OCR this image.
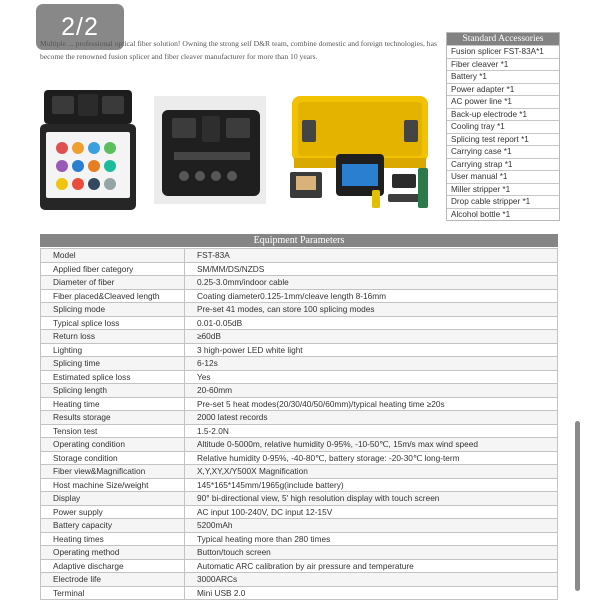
2/2
Multiple ... professional optical fiber solution! Owning the strong self D&R team, combine domestic and foreign technologies, has become the renowned fusion splicer and fiber cleaver manufacturer for more than 10 years.
Standard Accessories
Fusion splicer FST-83A*1
Fiber cleaver *1
Battery *1
Power adapter *1
AC power line *1
Back-up electrode *1
Cooling tray *1
Splicing test report *1
Carrying case *1
Carrying strap *1
User manual *1
Miller stripper *1
Drop cable stripper *1
Alcohol bottle *1
Equipment Parameters
Model	FST-83A
Applied fiber category	SM/MM/DS/NZDS
Diameter of fiber	0.25-3.0mm/indoor cable
Fiber placed&Cleaved length	Coating diameter0.125-1mm/cleave length 8-16mm
Splicing mode	Pre-set 41 modes, can store 100 splicing modes
Typical splice loss	0.01-0.05dB
Return loss	≥60dB
Lighting	3 high-power LED white light
Splicing time	6-12s
Estimated splice loss	Yes
Splicing length	20-60mm
Heating time	Pre-set 5 heat modes(20/30/40/50/60mm)/typical heating time ≥20s
Results storage	2000 latest records
Tension test	1.5-2.0N
Operating condition	Altitude 0-5000m, relative humidity 0-95%, -10-50℃, 15m/s max wind speed
Storage condition	Relative humidity 0-95%, -40-80℃, battery storage: -20-30℃ long-term
Fiber view&Magnification	X,Y,XY,X/Y500X Magnification
Host machine Size/weight	145*165*145mm/1965g(include battery)
Display	90° bi-directional view, 5' high resolution display with touch screen
Power supply	AC input 100-240V, DC input 12-15V
Battery capacity	5200mAh
Heating times	Typical heating more than 280 times
Operating method	Button/touch screen
Adaptive discharge	Automatic ARC calibration by air pressure and temperature
Electrode life	3000ARCs
Terminal	Mini USB 2.0
